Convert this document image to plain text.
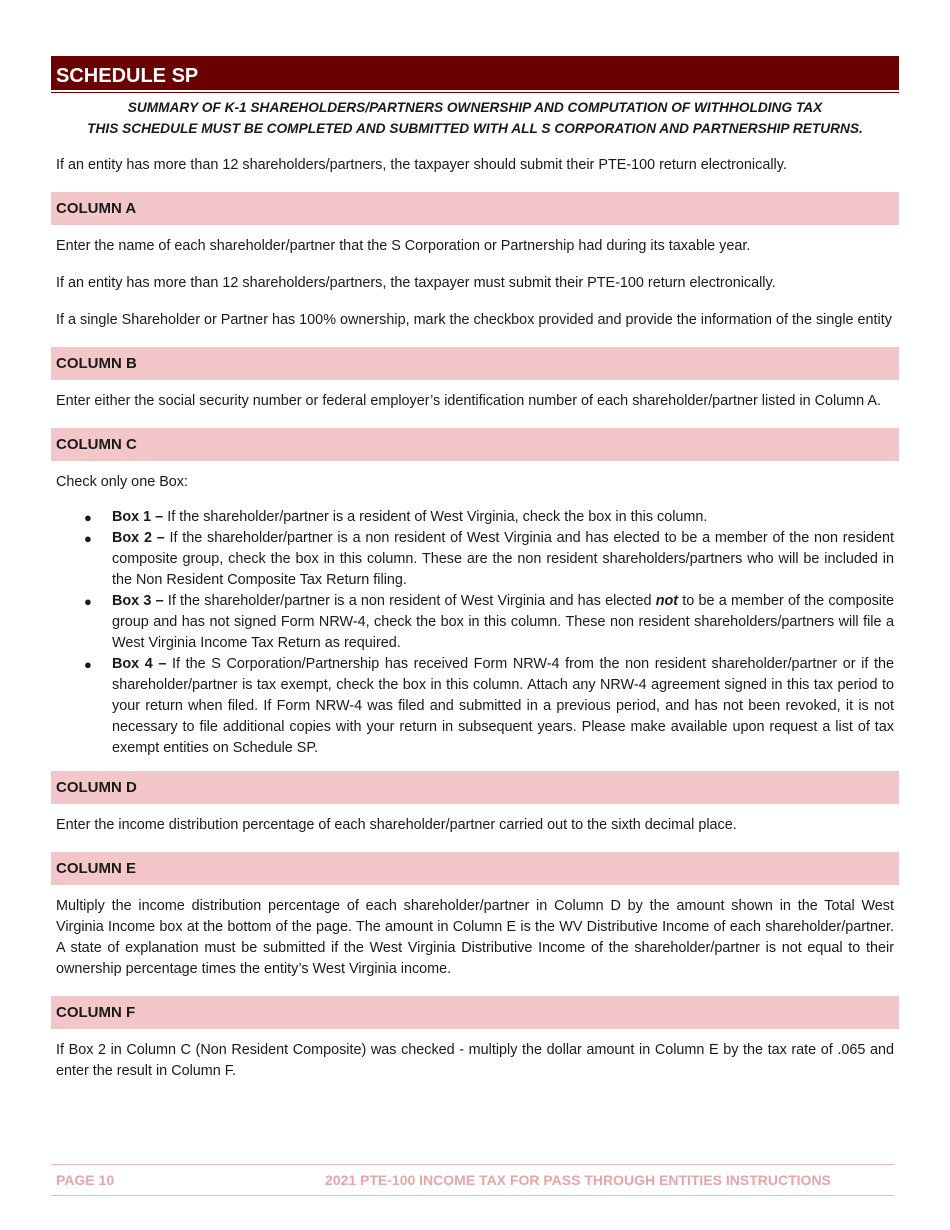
SCHEDULE SP
SUMMARY OF K-1 SHAREHOLDERS/PARTNERS OWNERSHIP AND COMPUTATION OF WITHHOLDING TAX
THIS SCHEDULE MUST BE COMPLETED AND SUBMITTED WITH ALL S CORPORATION AND PARTNERSHIP RETURNS.

If an entity has more than 12 shareholders/partners, the taxpayer should submit their PTE-100 return electronically.

COLUMN A

Enter the name of each shareholder/partner that the S Corporation or Partnership had during its taxable year.

If an entity has more than 12 shareholders/partners, the taxpayer must submit their PTE-100 return electronically.

If a single Shareholder or Partner has 100% ownership, mark the checkbox provided and provide the information of the single entity

COLUMN B

Enter either the social security number or federal employer’s identification number of each shareholder/partner listed in Column A.

COLUMN C

Check only one Box:

● Box 1 – If the shareholder/partner is a resident of West Virginia, check the box in this column.
● Box 2 – If the shareholder/partner is a non resident of West Virginia and has elected to be a member of the non resident composite group, check the box in this column. These are the non resident shareholders/partners who will be included in the Non Resident Composite Tax Return filing.
● Box 3 – If the shareholder/partner is a non resident of West Virginia and has elected not to be a member of the composite group and has not signed Form NRW-4, check the box in this column. These non resident shareholders/partners will file a West Virginia Income Tax Return as required.
● Box 4 – If the S Corporation/Partnership has received Form NRW-4 from the non resident shareholder/partner or if the shareholder/partner is tax exempt, check the box in this column. Attach any NRW-4 agreement signed in this tax period to your return when filed. If Form NRW-4 was filed and submitted in a previous period, and has not been revoked, it is not necessary to file additional copies with your return in subsequent years. Please make available upon request a list of tax exempt entities on Schedule SP.
COLUMN D

Enter the income distribution percentage of each shareholder/partner carried out to the sixth decimal place.

COLUMN E

Multiply the income distribution percentage of each shareholder/partner in Column D by the amount shown in the Total West Virginia Income box at the bottom of the page. The amount in Column E is the WV Distributive Income of each shareholder/partner. A state of explanation must be submitted if the West Virginia Distributive Income of the shareholder/partner is not equal to their ownership percentage times the entity’s West Virginia income.

COLUMN F

If Box 2 in Column C (Non Resident Composite) was checked - multiply the dollar amount in Column E by the tax rate of .065 and enter the result in Column F.

PAGE 10	2021 PTE-100 INCOME TAX FOR PASS THROUGH ENTITIES INSTRUCTIONS
